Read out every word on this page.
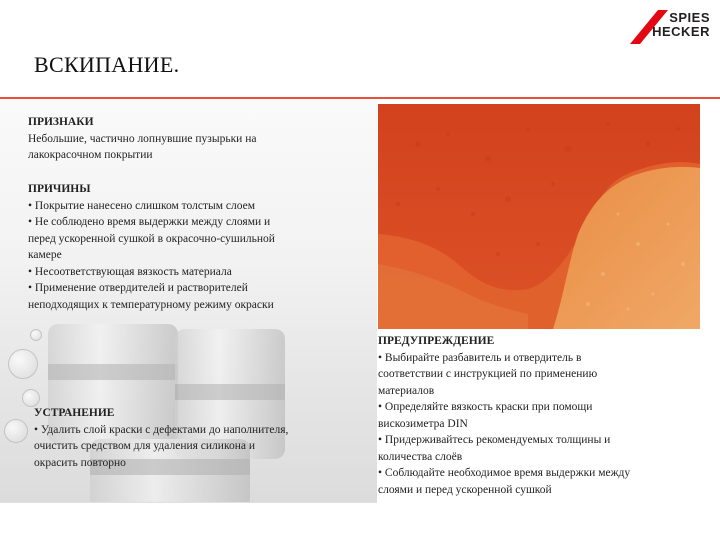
SPIES
HECKER
ВСКИПАНИЕ.
ПРИЗНАКИ
Небольшие, частично лопнувшие пузырьки на
лакокрасочном покрытии
ПРИЧИНЫ
• Покрытие нанесено слишком толстым слоем
• Не соблюдено время выдержки между слоями и
перед ускоренной сушкой в окрасочно-сушильной
камере
• Несоответствующая вязкость материала
• Применение отвердителей и растворителей
неподходящих к температурному режиму окраски
УСТРАНЕНИЕ
• Удалить слой краски с дефектами до наполнителя,
очистить средством для удаления силикона и
окрасить повторно
ПРЕДУПРЕЖДЕНИЕ
• Выбирайте разбавитель и отвердитель в
соответствии с инструкцией по применению
материалов
• Определяйте вязкость краски при помощи
вискозиметра DIN
• Придерживайтесь рекомендуемых толщины и
количества слоёв
• Соблюдайте необходимое время выдержки между
слоями и перед ускоренной сушкой
